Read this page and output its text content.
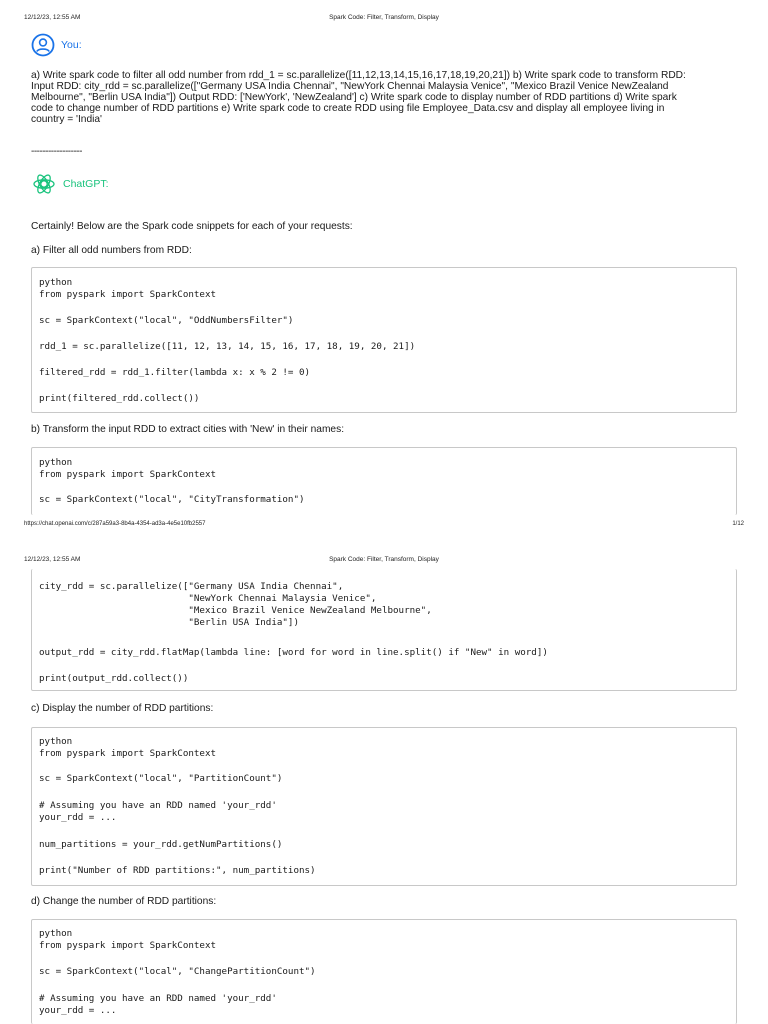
12/12/23, 12:55 AM	Spark Code: Filter, Transform, Display
You:
a) Write spark code to filter all odd number from rdd_1 = sc.parallelize([11,12,13,14,15,16,17,18,19,20,21]) b) Write spark code to transform RDD:
Input RDD: city_rdd = sc.parallelize(["Germany USA India Chennai", "NewYork Chennai Malaysia Venice", "Mexico Brazil Venice NewZealand
Melbourne", "Berlin USA India"]) Output RDD: ['NewYork', 'NewZealand'] c) Write spark code to display number of RDD partitions d) Write spark
code to change number of RDD partitions e) Write spark code to create RDD using file Employee_Data.csv and display all employee living in
country = 'India'
------------------
ChatGPT:
Certainly! Below are the Spark code snippets for each of your requests:
a) Filter all odd numbers from RDD:
python
from pyspark import SparkContext
sc = SparkContext("local", "OddNumbersFilter")
rdd_1 = sc.parallelize([11, 12, 13, 14, 15, 16, 17, 18, 19, 20, 21])
filtered_rdd = rdd_1.filter(lambda x: x % 2 != 0)
print(filtered_rdd.collect())
b) Transform the input RDD to extract cities with 'New' in their names:
python
from pyspark import SparkContext
sc = SparkContext("local", "CityTransformation")
https://chat.openai.com/c/287a59a3-8b4a-4354-ad3a-4e5e10fb2557	1/12
12/12/23, 12:55 AM	Spark Code: Filter, Transform, Display
city_rdd = sc.parallelize(["Germany USA India Chennai",
"NewYork Chennai Malaysia Venice",
"Mexico Brazil Venice NewZealand Melbourne",
"Berlin USA India"])
output_rdd = city_rdd.flatMap(lambda line: [word for word in line.split() if "New" in word])
print(output_rdd.collect())
c) Display the number of RDD partitions:
python
from pyspark import SparkContext
sc = SparkContext("local", "PartitionCount")
# Assuming you have an RDD named 'your_rdd'
your_rdd = ...
num_partitions = your_rdd.getNumPartitions()
print("Number of RDD partitions:", num_partitions)
d) Change the number of RDD partitions:
python
from pyspark import SparkContext
sc = SparkContext("local", "ChangePartitionCount")
# Assuming you have an RDD named 'your_rdd'
your_rdd = ...
